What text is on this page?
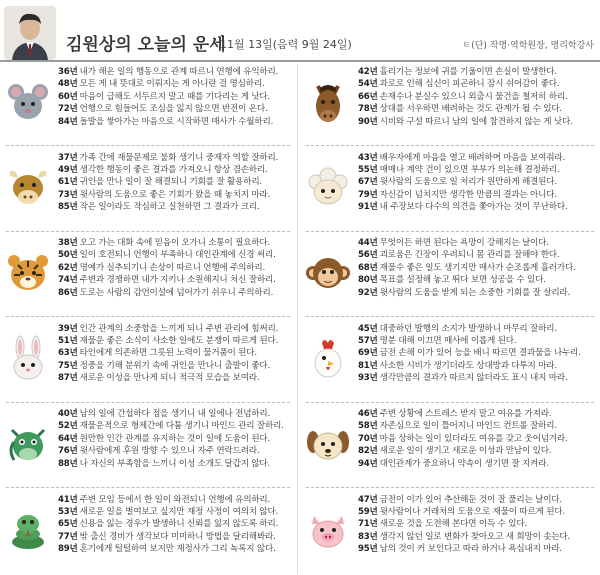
김원상의 오늘의 운세
11월 13일(음력 9월 24일)	ㅌ(단) 작명·역학원장, 명리학강사
36년 내가 해온 일의 행동으로 관계 따르니 연행에 유익하리.
48년 모든 게 내 뜻대로 이뤄지는 게 아니란 걸 명심하리.
60년 마음이 급해도 서두르지 말고 때를 기다리는 게 낫다.
72년 언행으로 힘들어도 조심을 잃지 않으면 반전이 온다.
84년 돌발을 쌓아가는 마음으로 시작하면 매사가 수월하리.
37년 가족 간에 재물문제로 불화 생기니 중재자 역할 잘하리.
49년 생각한 행동이 좋은 결과를 가져오니 항상 겸손하리.
61년 귀인을 만나 일이 잘 해결되니 기회를 잘 활용하리.
73년 윗사람의 도움으로 좋은 기회가 왔을 때 놓치지 마라.
85년 작은 일이라도 작심하고 실천하면 그 결과가 크리.
38년 오고 가는 대화 속에 믿음이 오가니 소통이 필요하다.
50년 일이 호전되니 언행이 부족하니 대인관계에 신경 써리.
62년 명예가 실추되기니 손상이 따르니 언행에 주의하리.
74년 주변과 경쟁하면 내가 지키나 소원해지니 처신 잘하리.
86년 도로는 사람의 감언이설에 넘어가기 쉬우니 주의하리.
39년 인간 관계의 소중함을 느끼게 되니 주변 관리에 힘써리.
51년 재물운 좋은 소식이 사소한 일에도 분쟁이 따르게 된다.
63년 타인에게 의존하면 그릇된 노력이 물거품이 된다.
75년 정중을 기해 분위기 속에 귀인을 만나니 출발이 좋다.
87년 새로운 이성을 만나게 되니 적극적 모습을 보여라.
40년 남의 일에 간섭하다 점을 생기니 내 일에나 전념하리.
52년 재물운적으로 형제간에 다툼 생기니 마인드 관리 잘하리.
64년 원만한 인간 관계를 유지하는 것이 일에 도움이 된다.
76년 윗사람에게 후원 방향 수 있으니 자주 연락드려라.
88년 나 자신의 부족함을 느끼니 이성 소개도 달갑지 않다.
41년 주변 모임 등에서 한 일이 와전되니 언행에 유의하리.
53년 새로운 일을 벌여보고 싶지만 재정 사정이 여의치 않다.
65년 신용을 잃는 경우가 발생하니 신뢰를 잃지 않도록 하리.
77년 밖 출신 경비가 생각보다 미미하니 방법을 달리해봐라.
89년 혼기에게 털털하여 보지만 재정사가 그리 녹록지 않다.
42년 흘리기는 정보에 귀를 기울이면 손실이 발생한다.
54년 과로로 인해 심신이 피곤하니 잠시 쉬어감이 좋다.
66년 손재수나 분실수 있으니 외출시 물건을 철저히 하리.
78년 상대를 서우하면 배려하는 것도 관계가 될 수 있다.
90년 시비와 구설 따르니 남의 일에 참견하지 않는 게 낫다.
43년 배우자에게 마음을 열고 배려하며 마음을 보여줘라.
55년 매매나 계약 건이 있으면 부부가 의논해 결정하리.
67년 윗사람의 도움으로 일 처리가 원만하게 해결된다.
79년 자신감이 넘치지만 생각한 만큼의 결과는 아니다.
91년 내 주장보다 다수의 의견을 쫓아가는 것이 무난하다.
44년 무엇이든 하면 된다는 욕망이 강해지는 날이다.
56년 괴로움은 긴장이 우려되니 몸 관리를 잘해야 한다.
68년 재물수 좋은 일도 생기지만 매사가 순조롭게 흘러가다.
80년 목표를 설정해 놓고 뛰다 보면 성공을 수 있다.
92년 윗사람의 도움을 받게 되는 소중한 기회를 잘 살리라.
45년 대중하던 발행의 소지가 발생하니 마무리 잘하리.
57년 명분 대해 이끄면 매사에 이롭게 된다.
69년 금전 손해 이가 있어 능을 배니 따르면 결과물을 나누리.
81년 사소한 시비가 생기더라도 상대방과 다투지 마라.
93년 생각만큼의 결과가 따르지 않더라도 표시 내지 마라.
46년 주변 상황에 스트레스 받지 말고 여유를 가져라.
58년 자존심으로 일이 틀어지니 마인드 컨트롤 잘하리.
70년 마음 상하는 일이 있더라도 여유를 갖고 웃어넘겨라.
82년 새로운 일이 생기고 새로운 이성과 만남이 있다.
94년 대인관계가 중요하니 약속이 생기면 잘 지켜라.
47년 금전이 이가 있어 추산해둔 것이 잘 풀리는 날이다.
59년 윗사람이나 거래처의 도움으로 재물이 따르게 된다.
71년 새로운 것을 도전해 본다면 이득 수 있다.
83년 생각지 않던 일로 변화가 찾아오고 새 희망이 솟는다.
95년 남의 것이 커 보인다고 따라 하거나 욕심내지 마라.
